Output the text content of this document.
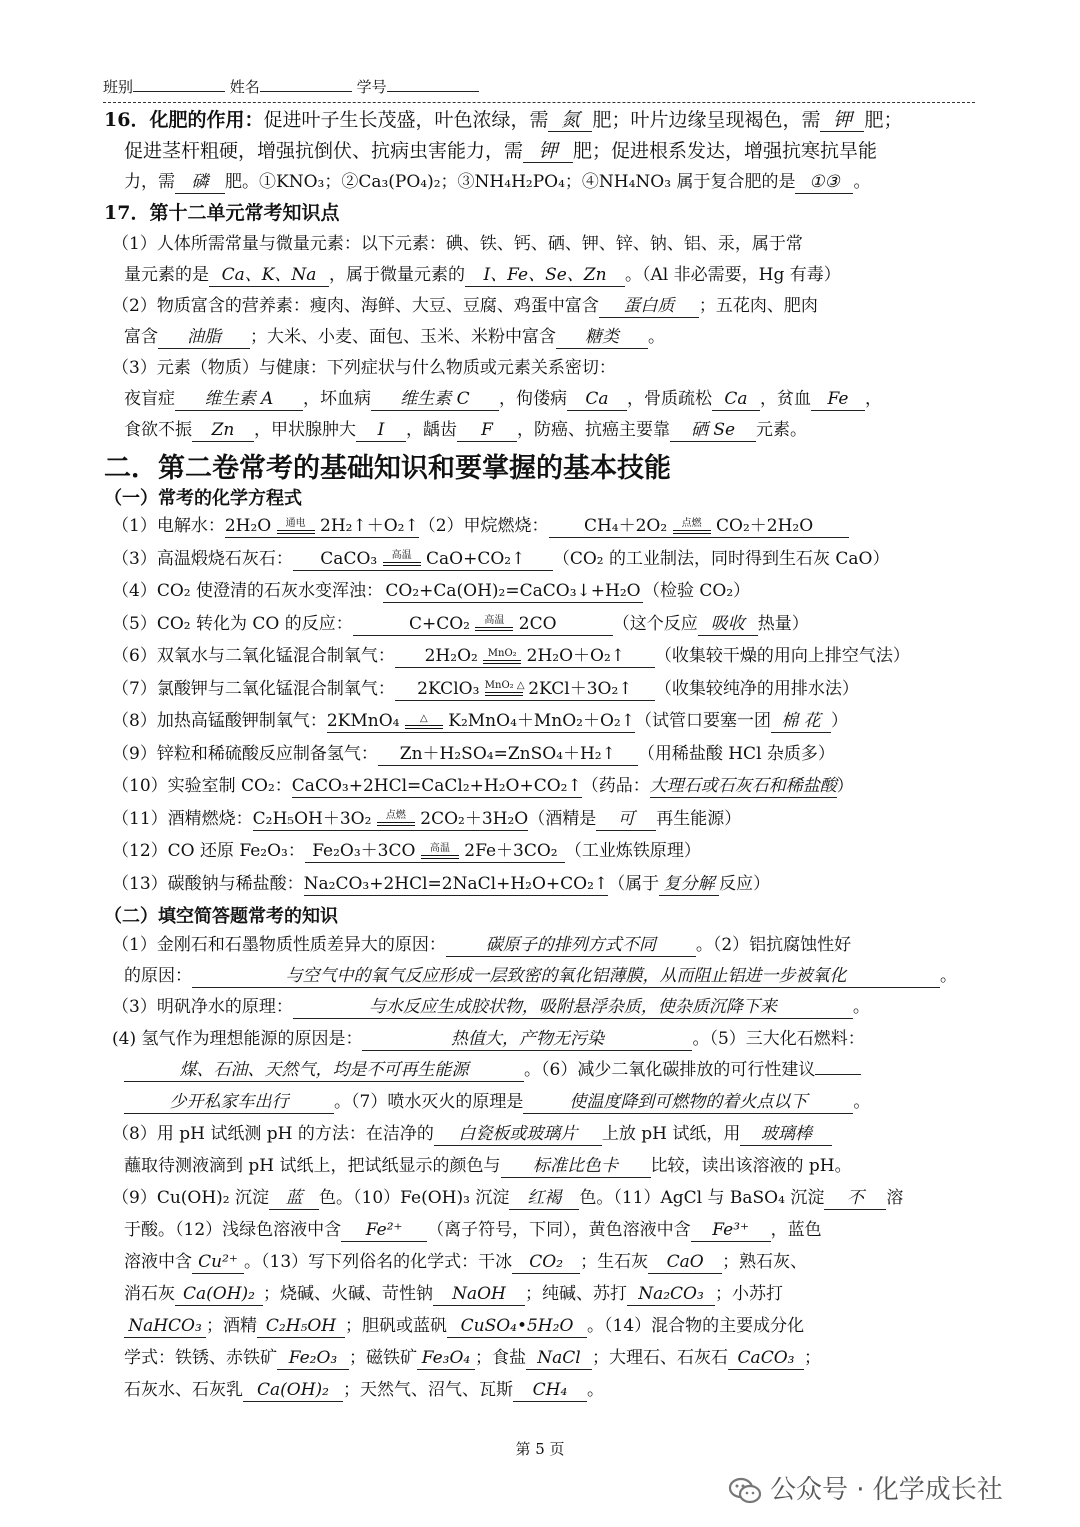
班别	姓名	学号
16．化肥的作用：促进叶子生长茂盛，叶色浓绿，需 氮 肥；叶片边缘呈现褐色，需 钾 肥；
促进茎杆粗硬，增强抗倒伏、抗病虫害能力，需 钾 肥；促进根系发达，增强抗寒抗旱能
力，需 磷 肥。①KNO₃；②Ca₃(PO₄)₂；③NH₄H₂PO₄；④NH₄NO₃ 属于复合肥的是 ①③ 。
17．第十二单元常考知识点
（1）人体所需常量与微量元素：以下元素：碘、铁、钙、硒、钾、锌、钠、铝、汞，属于常
量元素的是 Ca、K、Na ，属于微量元素的 I、Fe、Se、Zn 。（Al 非必需要，Hg 有毒）
（2）物质富含的营养素：瘦肉、海鲜、大豆、豆腐、鸡蛋中富含 蛋白质 ；五花肉、肥肉
富含 油脂 ；大米、小麦、面包、玉米、米粉中富含 糖类 。
（3）元素（物质）与健康：下列症状与什么物质或元素关系密切：
夜盲症 维生素 A ，坏血病 维生素 C ，佝偻病 Ca ，骨质疏松 Ca ，贫血 Fe ，
食欲不振 Zn ，甲状腺肿大 I ，龋齿 F ，防癌、抗癌主要靠 硒 Se 元素。
二．第二卷常考的基础知识和要掌握的基本技能
（一）常考的化学方程式
（1）电解水：2H₂O 通电 2H₂↑＋O₂↑（2）甲烷燃烧： CH₄＋2O₂ 点燃 CO₂＋2H₂O
（3）高温煅烧石灰石： CaCO₃ 高温 CaO+CO₂↑ （CO₂ 的工业制法，同时得到生石灰 CaO）
（4）CO₂ 使澄清的石灰水变浑浊： CO₂+Ca(OH)₂=CaCO₃↓+H₂O （检验 CO₂）
（5）CO₂ 转化为 CO 的反应：	C+CO₂ 高温 2CO	（这个反应 吸收 热量）
（6）双氧水与二氧化锰混合制氧气： 2H₂O₂ MnO₂ 2H₂O＋O₂↑ （收集较干燥的用向上排空气法）
（7）氯酸钾与二氧化锰混合制氧气： 2KClO₃ MnO₂ △
2KCl＋3O₂↑ （收集较纯净的用排水法）
（8）加热高锰酸钾制氧气：2KMnO₄	△ K₂MnO₄＋MnO₂＋O₂↑（试管口要塞一团 棉 花 ）
（9）锌粒和稀硫酸反应制备氢气： Zn＋H₂SO₄=ZnSO₄＋H₂↑ （用稀盐酸 HCl 杂质多）
（10）实验室制 CO₂：CaCO₃+2HCl=CaCl₂+H₂O+CO₂↑（药品：大理石或石灰石和稀盐酸）
（11）酒精燃烧：C₂H₅OH＋3O₂ 点燃 2CO₂＋3H₂O（酒精是 可 再生能源）
（12）CO 还原 Fe₂O₃： Fe₂O₃＋3CO 高温 2Fe＋3CO₂ （工业炼铁原理）
（13）碳酸钠与稀盐酸：Na₂CO₃+2HCl=2NaCl+H₂O+CO₂↑（属于 复分解 反应）
（二）填空简答题常考的知识
（1）金刚石和石墨物质性质差异大的原因： 碳原子的排列方式不同 。（2）铝抗腐蚀性好
的原因：	与空气中的氧气反应形成一层致密的氧化铝薄膜，从而阻止铝进一步被氧化	。
（3）明矾净水的原理：	与水反应生成胶状物，吸附悬浮杂质，使杂质沉降下来	。
(4) 氢气作为理想能源的原因是：	热值大，产物无污染	。（5）三大化石燃料：
煤、石油、天然气，均是不可再生能源	。（6）减少二氧化碳排放的可行性建议
少开私家车出行	。（7）喷水灭火的原理是	使温度降到可燃物的着火点以下	。
（8）用 pH 试纸测 pH 的方法：在洁净的 白瓷板或玻璃片 上放 pH 试纸，用 玻璃棒
蘸取待测液滴到 pH 试纸上，把试纸显示的颜色与 标准比色卡 比较，读出该溶液的 pH。
（9）Cu(OH)₂ 沉淀 蓝 色。（10）Fe(OH)₃ 沉淀 红褐 色。（11）AgCl 与 BaSO₄ 沉淀 不 溶
于酸。（12）浅绿色溶液中含 Fe²⁺ （离子符号，下同），黄色溶液中含 Fe³⁺ ，蓝色
溶液中含 Cu²⁺ 。（13）写下列俗名的化学式：干冰 CO₂ ；生石灰 CaO ；熟石灰、
消石灰 Ca(OH)₂ ；烧碱、火碱、苛性钠 NaOH ；纯碱、苏打 Na₂CO₃ ；小苏打
NaHCO₃ ；酒精 C₂H₅OH ；胆矾或蓝矾 CuSO₄•5H₂O 。（14）混合物的主要成分化
学式：铁锈、赤铁矿 Fe₂O₃ ；磁铁矿 Fe₃O₄ ；食盐 NaCl ；大理石、石灰石 CaCO₃ ；
石灰水、石灰乳 Ca(OH)₂ ；天然气、沼气、瓦斯 CH₄ 。
第 5 页
公众号 · 化学成长社
